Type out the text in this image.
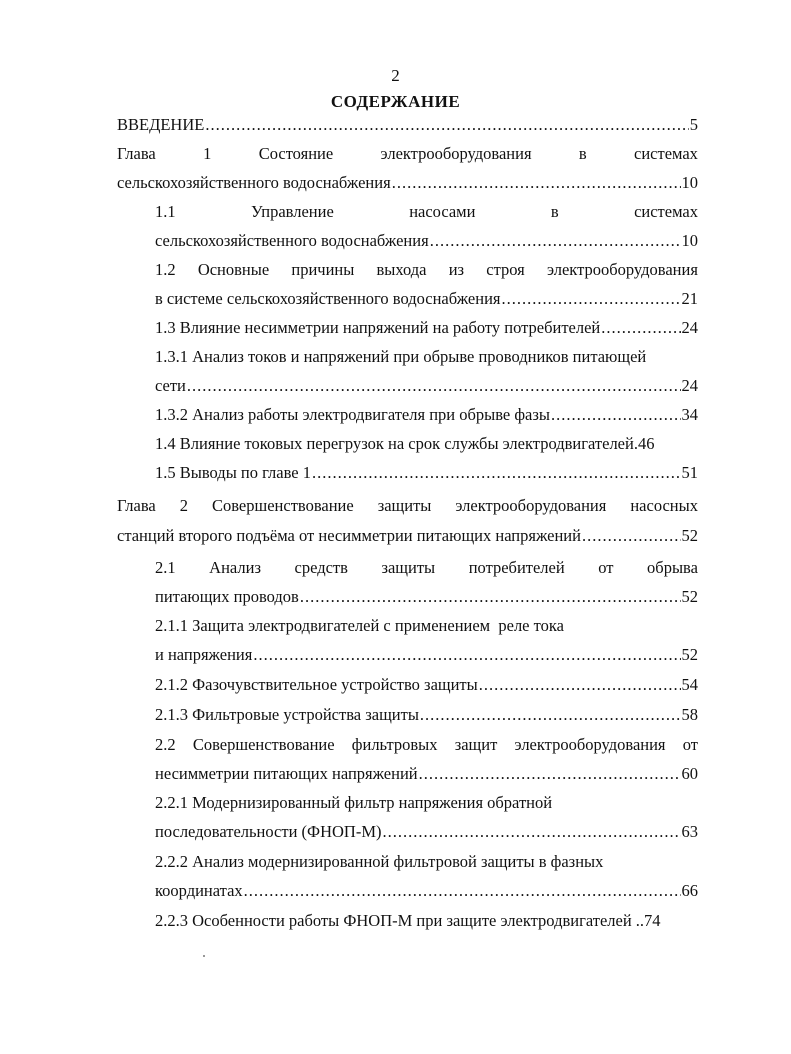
2
СОДЕРЖАНИЕ
ВВЕДЕНИЕ .....	5
Глава	1	Состояние	электрооборудования	в	системах
сельскохозяйственного водоснабжения .....	10
1.1	Управление	насосами	в	системах
сельскохозяйственного водоснабжения .....	10
1.2 Основные причины выхода из строя электрооборудования
в системе сельскохозяйственного водоснабжения .....	21
1.3 Влияние несимметрии напряжений на работу потребителей .....	24
1.3.1 Анализ токов и напряжений при обрыве проводников питающей
сети .....	24
1.3.2 Анализ работы электродвигателя при обрыве фазы .....	34
1.4 Влияние токовых перегрузок на срок службы электродвигателей. 46
1.5 Выводы по главе 1 .....	51
Глава 2 Совершенствование защиты электрооборудования насосных
станций второго подъёма от несимметрии питающих напряжений .....	52
2.1 Анализ средств защиты потребителей от обрыва
питающих проводов .....	52
2.1.1 Защита электродвигателей с применением  реле тока
и напряжения .....	52
2.1.2 Фазочувствительное устройство защиты .....	54
2.1.3 Фильтровые устройства защиты .....	58
2.2 Совершенствование фильтровых защит электрооборудования от
несимметрии питающих напряжений .....	60
2.2.1 Модернизированный фильтр напряжения обратной
последовательности (ФНОП-М) .....	63
2.2.2 Анализ модернизированной фильтровой защиты в фазных
координатах .....	66
2.2.3 Особенности работы ФНОП-М при защите электродвигателей .. 74
